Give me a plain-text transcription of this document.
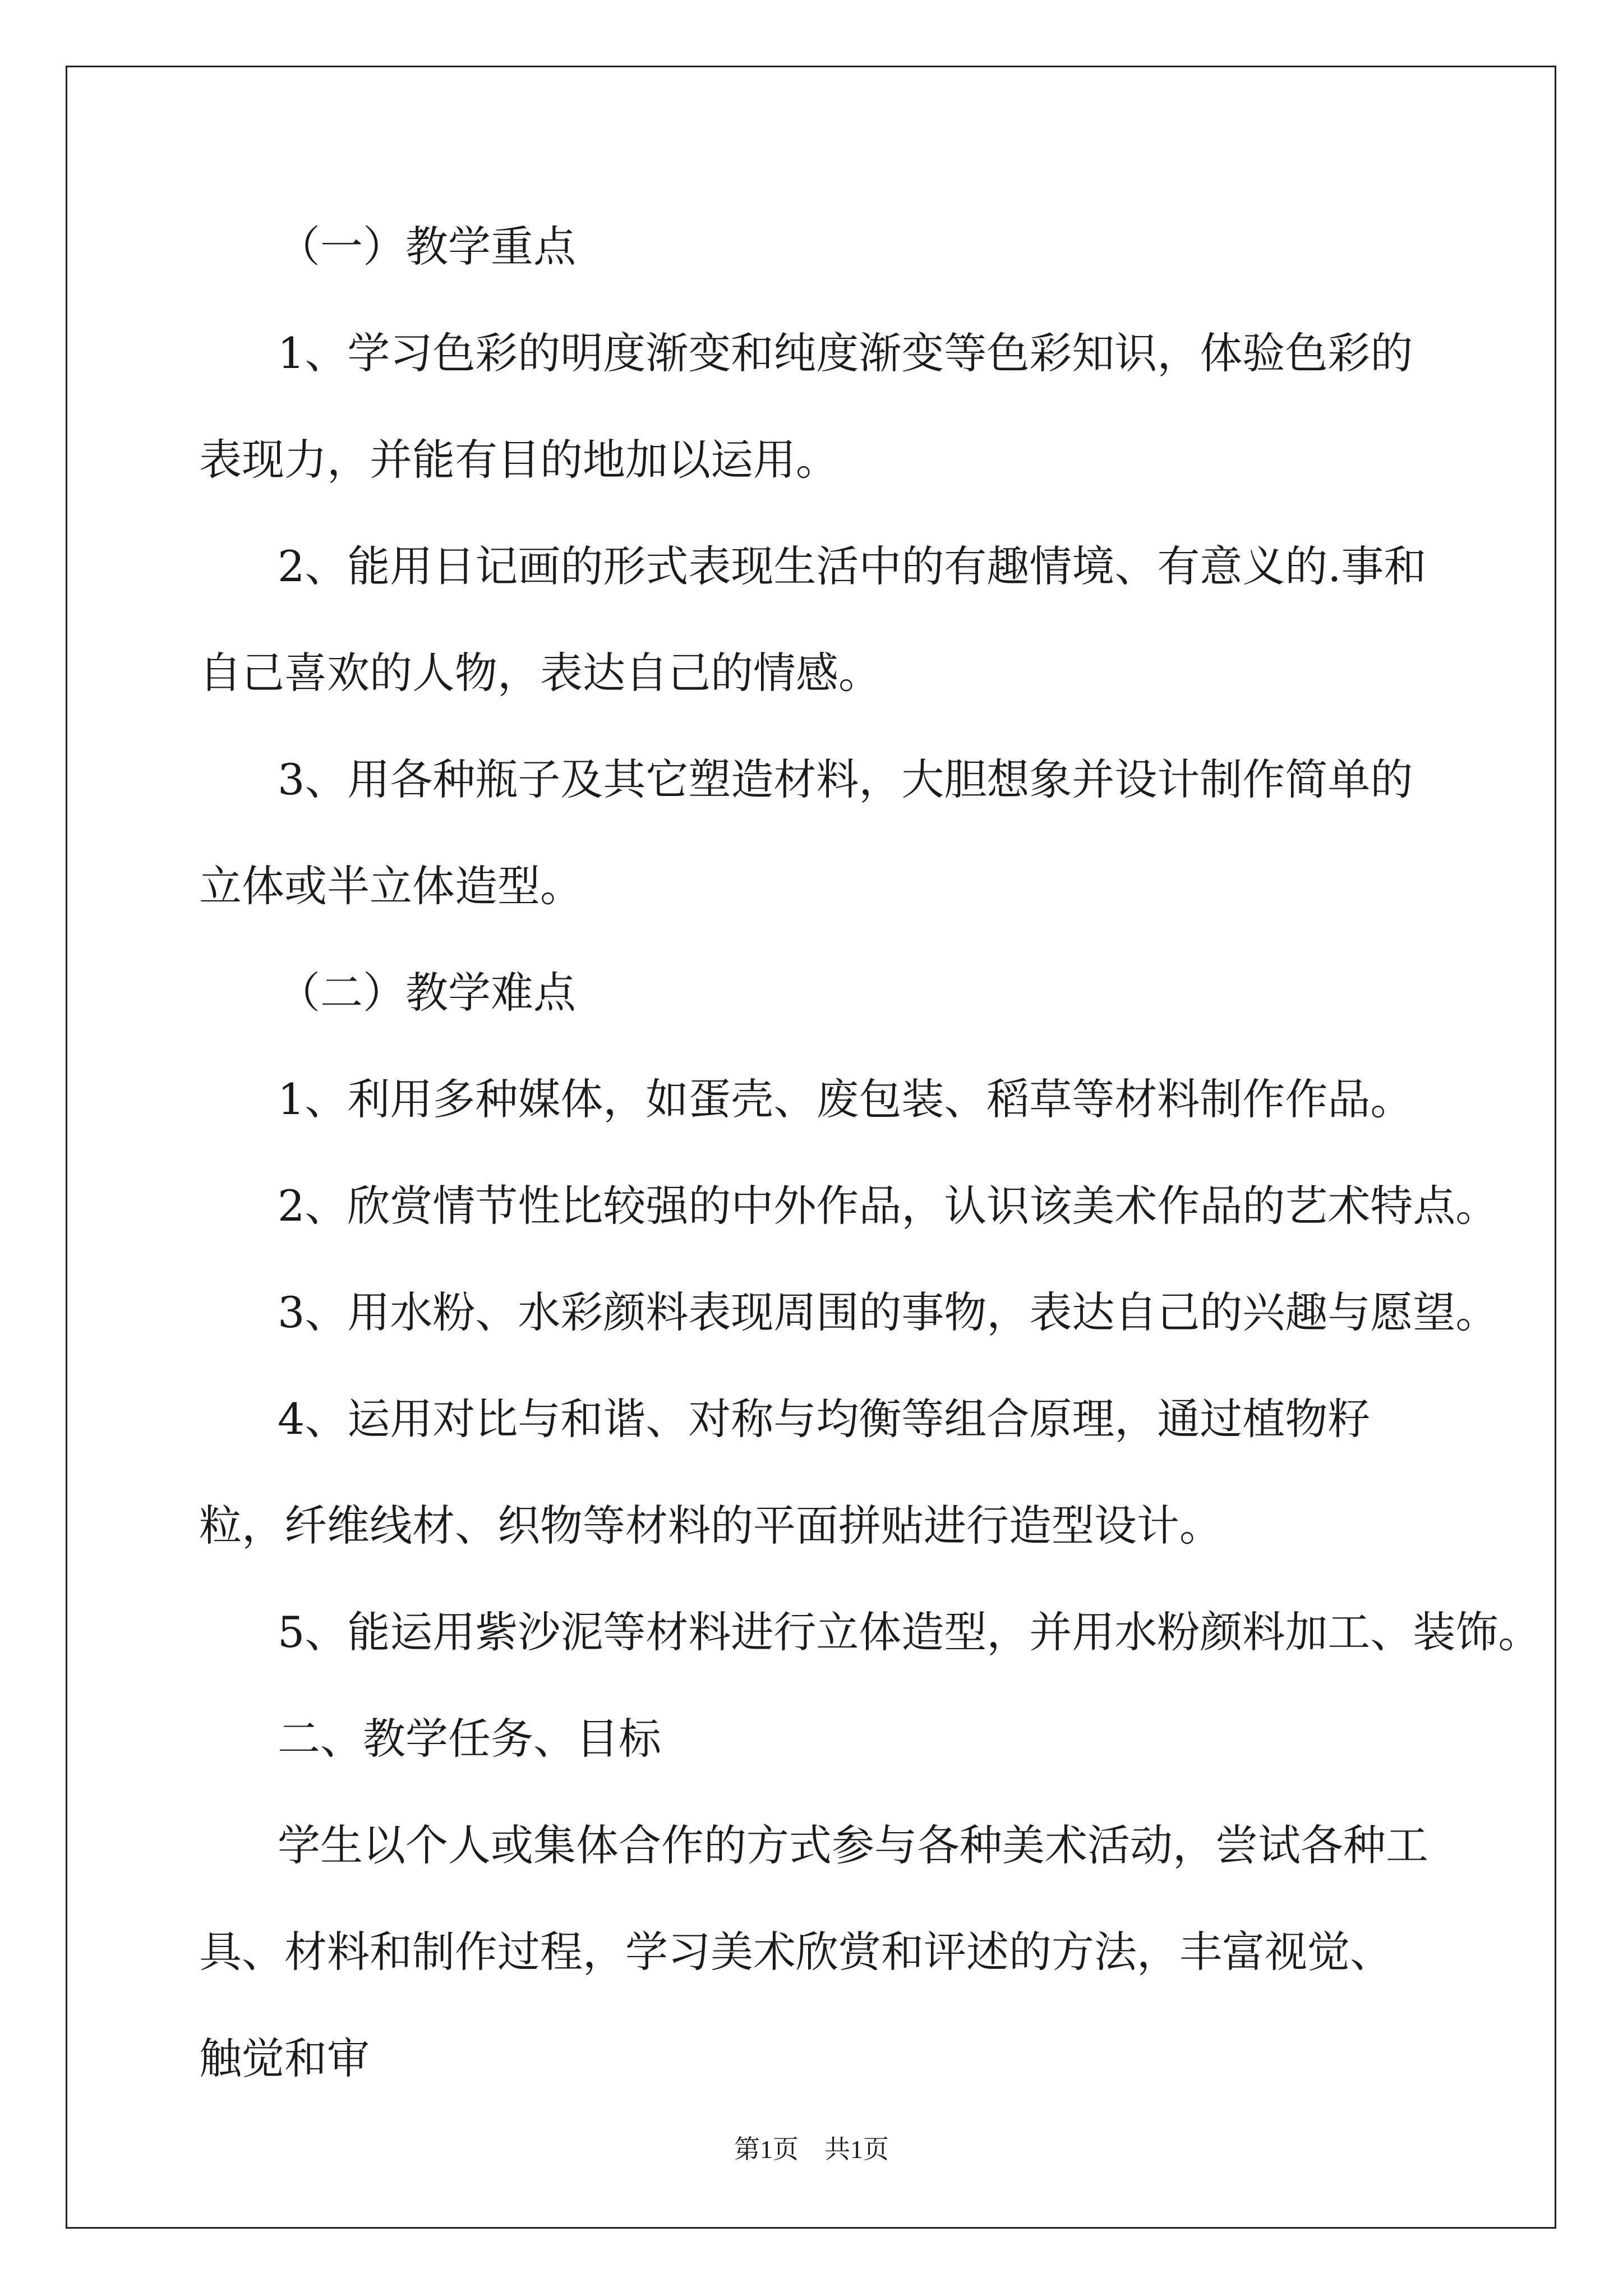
（一）教学重点
1、学习色彩的明度渐变和纯度渐变等色彩知识，体验色彩的表现力，并能有目的地加以运用。
2、能用日记画的形式表现生活中的有趣情境、有意义的.事和自己喜欢的人物，表达自己的情感。
3、用各种瓶子及其它塑造材料，大胆想象并设计制作简单的立体或半立体造型。
（二）教学难点
1、利用多种媒体，如蛋壳、废包装、稻草等材料制作作品。
2、欣赏情节性比较强的中外作品，认识该美术作品的艺术特点。
3、用水粉、水彩颜料表现周围的事物，表达自己的兴趣与愿望。
4、运用对比与和谐、对称与均衡等组合原理，通过植物籽粒，纤维线材、织物等材料的平面拼贴进行造型设计。
5、能运用紫沙泥等材料进行立体造型，并用水粉颜料加工、装饰。
二、教学任务、目标
学生以个人或集体合作的方式参与各种美术活动，尝试各种工具、材料和制作过程，学习美术欣赏和评述的方法，丰富视觉、触觉和审
第1页　共1页
